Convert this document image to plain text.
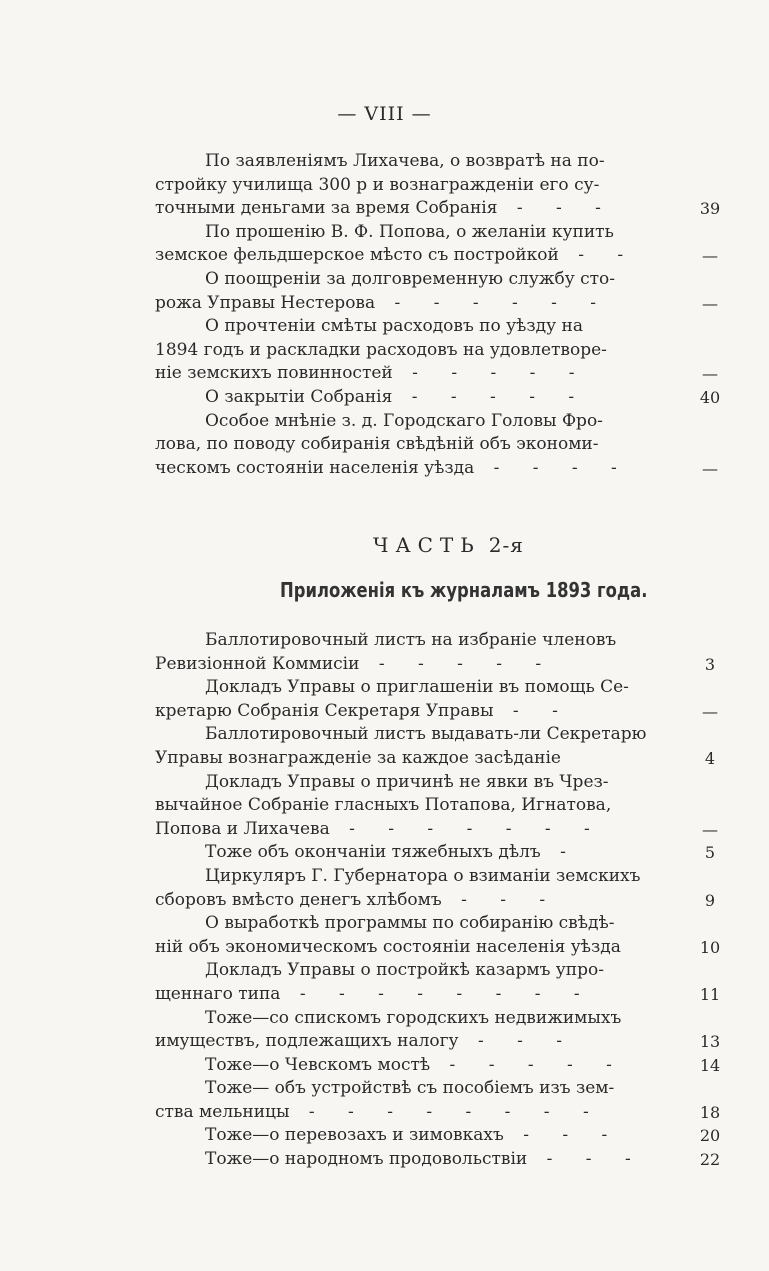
— VIII —

По заявленіямъ Лихачева, о возвратѣ на по-
стройку училища 300 р и вознагражденіи его су-
точными деньгами за время Собранія - - -	39
По прошенію В. Ф. Попова, о желаніи купить
земское фельдшерское мѣсто съ постройкой - -	—
О поощреніи за долговременную службу сто-
рожа Управы Нестерова - - - - - -	—
О прочтеніи смѣты расходовъ по уѣзду на
1894 годъ и раскладки расходовъ на удовлетворе-
ніе земскихъ повинностей - - - - -	—
О закрытіи Собранія - - - - -	40
Особое мнѣніе з. д. Городскаго Головы Фро-
лова, по поводу собиранія свѣдѣній объ экономи-
ческомъ состояніи населенія уѣзда - - - -	—
ЧАСТЬ 2-я
Приложенія къ журналамъ 1893 года.
Баллотировочный листъ на избраніе членовъ
Ревизіонной Коммисіи - - - - -	3
Докладъ Управы о приглашеніи въ помощь Се-
кретарю Собранія Секретаря Управы - -	—
Баллотировочный листъ выдавать-ли Секретарю
Управы вознагражденіе за каждое засѣданіе	4
Докладъ Управы о причинѣ не явки въ Чрез-
вычайное Собраніе гласныхъ Потапова, Игнатова,
Попова и Лихачева - - - - - - -	—
Тоже объ окончаніи тяжебныхъ дѣлъ -	5
Циркуляръ Г. Губернатора о взиманіи земскихъ
сборовъ вмѣсто денегъ хлѣбомъ - - -	9
О выработкѣ программы по собиранію свѣдѣ-
ній объ экономическомъ состояніи населенія уѣзда	10
Докладъ Управы о постройкѣ казармъ упро-
щеннаго типа - - - - - - - -	11
Тоже—со спискомъ городскихъ недвижимыхъ
имуществъ, подлежащихъ налогу - - -	13
Тоже—о Чевскомъ мостѣ - - - - -	14
Тоже— объ устройствѣ съ пособіемъ изъ зем-
ства мельницы - - - - - - - -	18
Тоже—о перевозахъ и зимовкахъ - - -	20
Тоже—о народномъ продовольствіи - - -	22
